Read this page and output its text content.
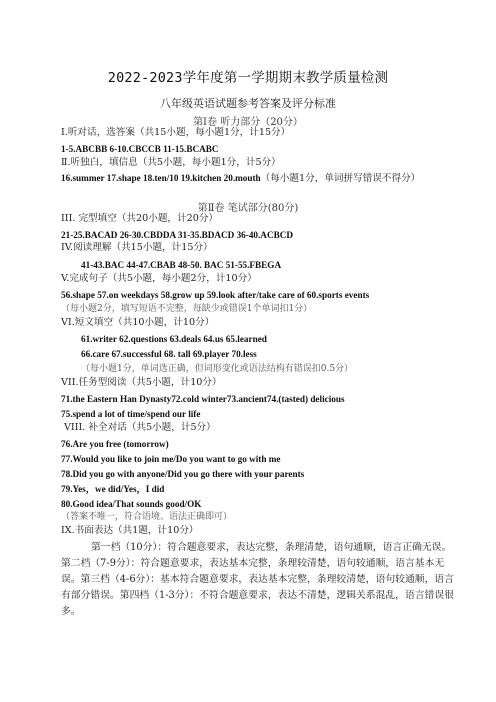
2022-2023学年度第一学期期末教学质量检测
八年级英语试题参考答案及评分标准
第Ⅰ卷 听力部分（20分）
Ⅰ.听对话，选答案（共15小题，每小题1分，计15分）
1-5.ABCBB 6-10.CBCCB 11-15.BCABC
Ⅱ.听独白，填信息（共5小题，每小题1分，计5分）
16.summer 17.shape 18.ten/10 19.kitchen 20.mouth（每小题1分，单词拼写错误不得分）
第Ⅱ卷 笔试部分(80分)
III. 完型填空（共20小题，计20分）
21-25.BACAD 26-30.CBDDA 31-35.BDACD 36-40.ACBCD
IV.阅读理解（共15小题，计15分）
41-43.BAC 44-47.CBAB 48-50. BAC 51-55.FBEGA
V.完成句子（共5小题，每小题2分，计10分）
56.shape 57.on weekdays 58.grow up 59.look after/take care of 60.sports events
（每小题2分，填写短语不完整，每缺少或错误1个单词扣1分）
VI.短文填空（共10小题，计10分）
61.writer 62.questions 63.deals 64.us 65.learned
66.care 67.successful 68. tall 69.player 70.less
（每小题1分，单词选正确，但词形变化或语法结构有错误扣0.5分）
VII.任务型阅读（共5小题，计10分）
71.the Eastern Han Dynasty72.cold winter73.ancient74.(tasted) delicious
75.spend a lot of time/spend our life
VIII. 补全对话（共5小题，计5分）
76.Are you free (tomorrow)
77.Would you like to join me/Do you want to go with me
78.Did you go with anyone/Did you go there with your parents
79.Yes，we did/Yes，I did
80.Good idea/That sounds good/OK
（答案不唯一，符合语境、语法正确即可）
IX.书面表达（共1题，计10分）
第一档（10分）：符合题意要求，表达完整，条理清楚，语句通顺，语言正确无误。第二档（7-9分）：符合题意要求，表达基本完整，条理较清楚，语句较通顺，语言基本无误。第三档（4-6分）：基本符合题意要求，表达基本完整，条理较清楚，语句较通顺，语言有部分错误。第四档（1-3分）：不符合题意要求，表达不清楚，逻辑关系混乱，语言错误很多。
